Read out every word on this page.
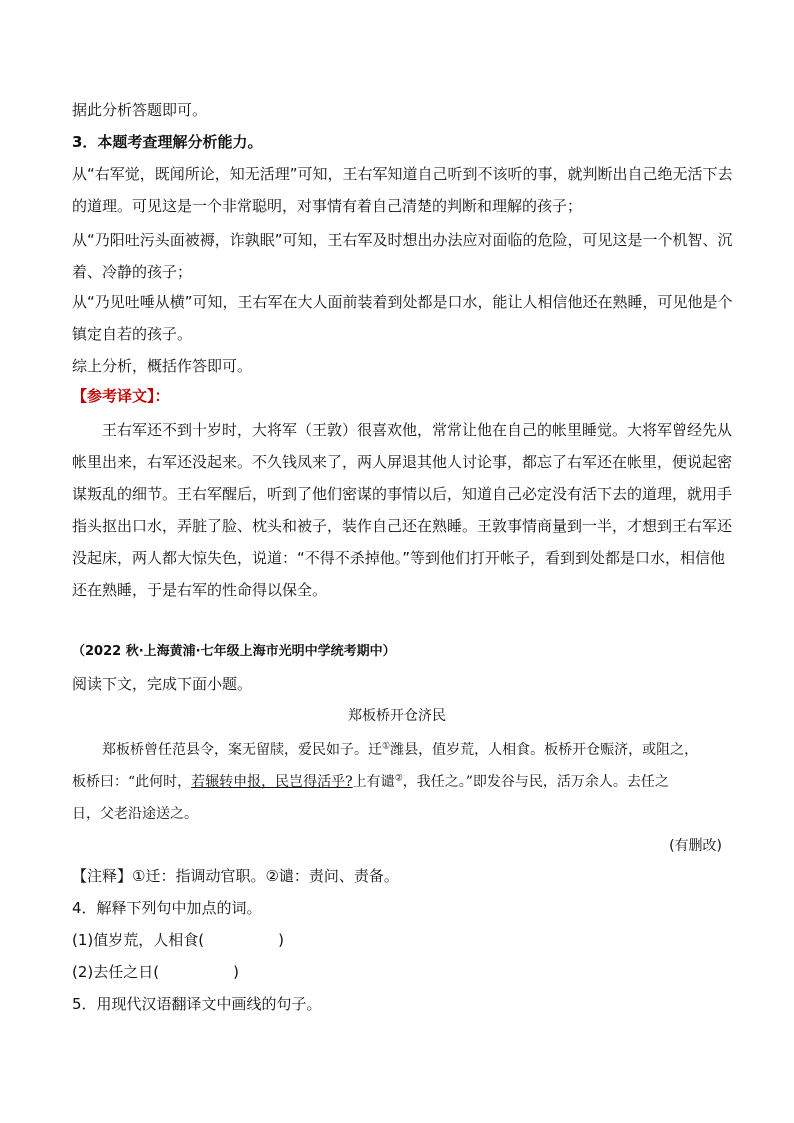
据此分析答题即可。
3．本题考查理解分析能力。
从“右军觉，既闻所论，知无活理”可知，王右军知道自己听到不该听的事，就判断出自己绝无活下去
的道理。可见这是一个非常聪明，对事情有着自己清楚的判断和理解的孩子；
从“乃阳吐污头面被褥，诈孰眠”可知，王右军及时想出办法应对面临的危险，可见这是一个机智、沉
着、冷静的孩子；
从“乃见吐唾从横”可知，王右军在大人面前装着到处都是口水，能让人相信他还在熟睡，可见他是个
镇定自若的孩子。
综上分析，概括作答即可。
【参考译文】：
王右军还不到十岁时，大将军（王敦）很喜欢他，常常让他在自己的帐里睡觉。大将军曾经先从
帐里出来，右军还没起来。不久钱凤来了，两人屏退其他人讨论事，都忘了右军还在帐里，便说起密
谋叛乱的细节。王右军醒后，听到了他们密谋的事情以后，知道自己必定没有活下去的道理，就用手
指头抠出口水，弄脏了脸、枕头和被子，装作自己还在熟睡。王敦事情商量到一半，才想到王右军还
没起床，两人都大惊失色，说道：“不得不杀掉他。”等到他们打开帐子，看到到处都是口水，相信他
还在熟睡，于是右军的性命得以保全。
（2022 秋·上海黄浦·七年级上海市光明中学统考期中）
阅读下文，完成下面小题。
郑板桥开仓济民
郑板桥曾任范县令，案无留牍，爱民如子。迁①潍县，值岁荒，人相食。板桥开仓赈济，或阻之，
板桥曰：“此何时，若辗转申报，民岂得活乎?上有谴②，我任之。”即发谷与民，活万余人。去任之
日，父老沿途送之。
(有删改)
【注释】①迁：指调动官职。②谴：责问、责备。
4．解释下列句中加点的词。
(1)值岁荒，人相食(	)
(2)去任之日(	)
5．用现代汉语翻译文中画线的句子。
